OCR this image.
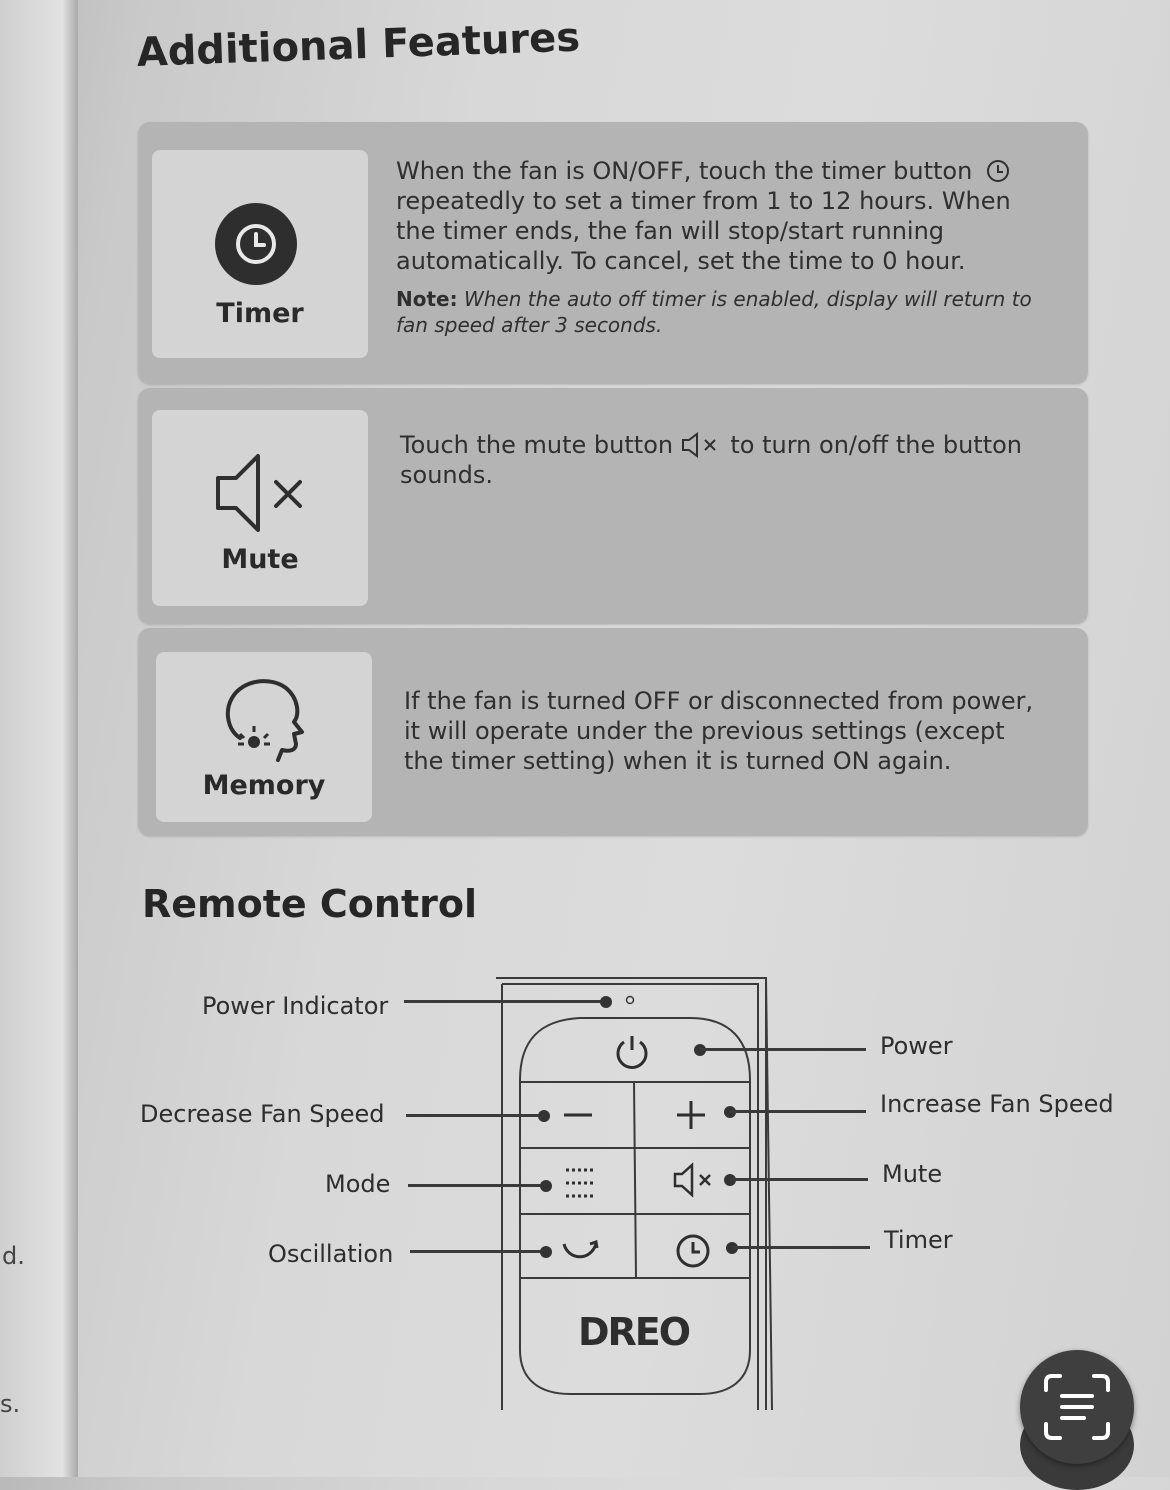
d.
s.
Additional Features
Timer
When the fan is ON/OFF, touch the timer button
repeatedly to set a timer from 1 to 12 hours. When
the timer ends, the fan will stop/start running
automatically. To cancel, set the time to 0 hour.
Note: When the auto off timer is enabled, display will return to fan speed after 3 seconds.
Mute
Touch the mute button to turn on/off the button
sounds.
Memory
If the fan is turned OFF or disconnected from power,
it will operate under the previous settings (except
the timer setting) when it is turned ON again.
Remote Control
DREO
Power Indicator
Decrease Fan Speed
Mode
Oscillation
Power
Increase Fan Speed
Mute
Timer
